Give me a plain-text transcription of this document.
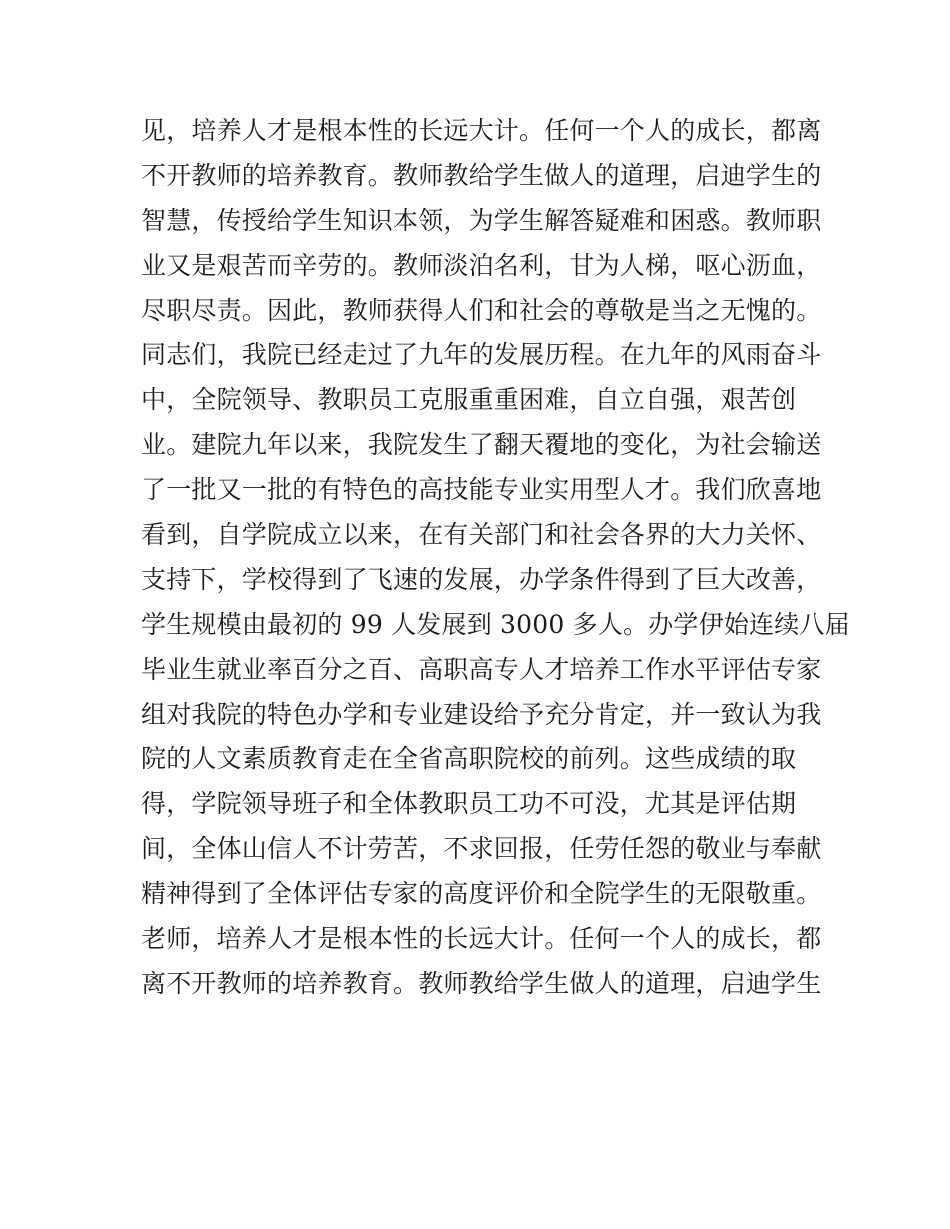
见，培养人才是根本性的长远大计。任何一个人的成长，都离
不开教师的培养教育。教师教给学生做人的道理，启迪学生的
智慧，传授给学生知识本领，为学生解答疑难和困惑。教师职
业又是艰苦而辛劳的。教师淡泊名利，甘为人梯，呕心沥血，
尽职尽责。因此，教师获得人们和社会的尊敬是当之无愧的。
同志们，我院已经走过了九年的发展历程。在九年的风雨奋斗
中，全院领导、教职员工克服重重困难，自立自强，艰苦创
业。建院九年以来，我院发生了翻天覆地的变化，为社会输送
了一批又一批的有特色的高技能专业实用型人才。我们欣喜地
看到，自学院成立以来，在有关部门和社会各界的大力关怀、
支持下，学校得到了飞速的发展，办学条件得到了巨大改善，
学生规模由最初的 99 人发展到 3000 多人。办学伊始连续八届
毕业生就业率百分之百、高职高专人才培养工作水平评估专家
组对我院的特色办学和专业建设给予充分肯定，并一致认为我
院的人文素质教育走在全省高职院校的前列。这些成绩的取
得，学院领导班子和全体教职员工功不可没，尤其是评估期
间，全体山信人不计劳苦，不求回报，任劳任怨的敬业与奉献
精神得到了全体评估专家的高度评价和全院学生的无限敬重。
老师，培养人才是根本性的长远大计。任何一个人的成长，都
离不开教师的培养教育。教师教给学生做人的道理，启迪学生
